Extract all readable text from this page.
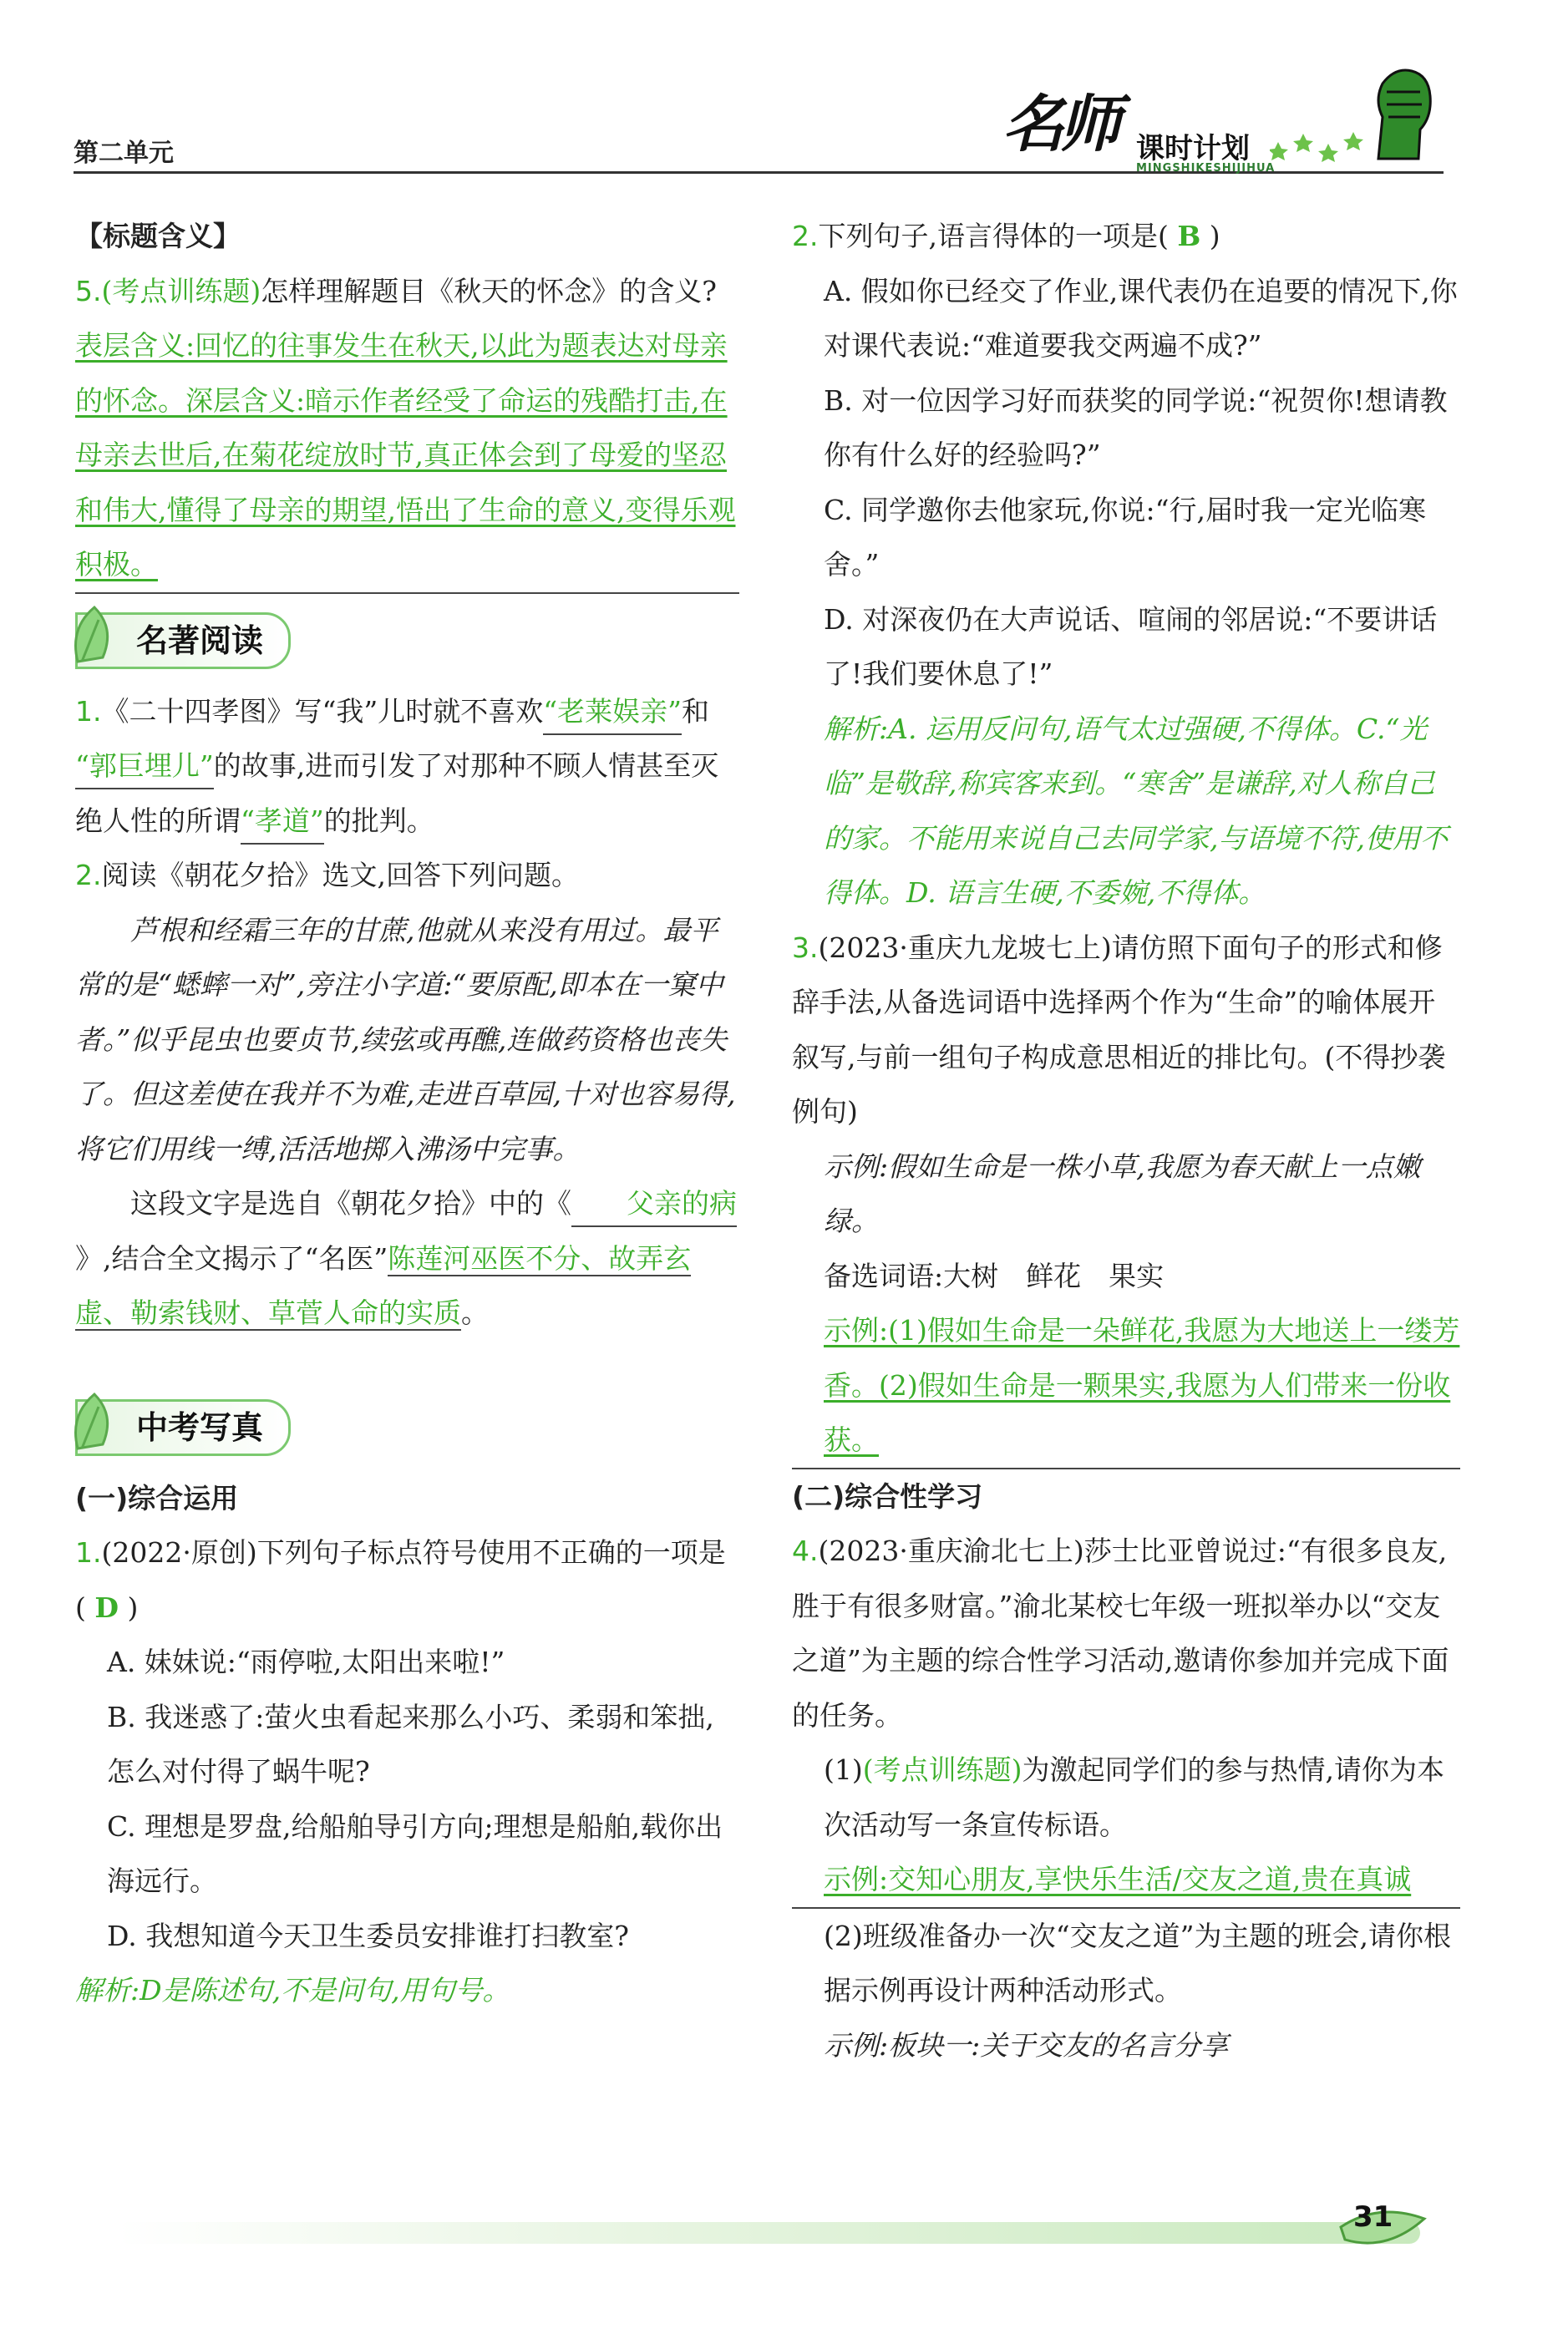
第二单元	名师 课时计划
MINGSHIKESHIJIHUA

【标题含义】

5.(考点训练题)怎样理解题目《秋天的怀念》的含义?

表层含义:回忆的往事发生在秋天,以此为题表达对母亲的怀念。深层含义:暗示作者经受了命运的残酷打击,在母亲去世后,在菊花绽放时节,真正体会到了母爱的坚忍和伟大,懂得了母亲的期望,悟出了生命的意义,变得乐观积极。

名著阅读

1.《二十四孝图》写“我”儿时就不喜欢“老莱娱亲”和“郭巨埋儿”的故事,进而引发了对那种不顾人情甚至灭绝人性的所谓“孝道”的批判。

2.阅读《朝花夕拾》选文,回答下列问题。

芦根和经霜三年的甘蔗,他就从来没有用过。最平常的是“蟋蟀一对”,旁注小字道:“要原配,即本在一窠中者。”似乎昆虫也要贞节,续弦或再醮,连做药资格也丧失了。但这差使在我并不为难,走进百草园,十对也容易得,将它们用线一缚,活活地掷入沸汤中完事。

这段文字是选自《朝花夕拾》中的《 父亲的病》,结合全文揭示了“名医”陈莲河巫医不分、故弄玄虚、勒索钱财、草菅人命的实质。

中考写真

(一)综合运用

1.(2022·原创)下列句子标点符号使用不正确的一项是( D )

A. 妹妹说:“雨停啦,太阳出来啦!”

B. 我迷惑了:萤火虫看起来那么小巧、柔弱和笨拙,怎么对付得了蜗牛呢?

C. 理想是罗盘,给船舶导引方向;理想是船舶,载你出海远行。

D. 我想知道今天卫生委员安排谁打扫教室?

解析:D是陈述句,不是问句,用句号。

2.下列句子,语言得体的一项是( B )

A. 假如你已经交了作业,课代表仍在追要的情况下,你对课代表说:“难道要我交两遍不成?”

B. 对一位因学习好而获奖的同学说:“祝贺你!想请教你有什么好的经验吗?”

C. 同学邀你去他家玩,你说:“行,届时我一定光临寒舍。”

D. 对深夜仍在大声说话、喧闹的邻居说:“不要讲话了!我们要休息了!”

解析:A. 运用反问句,语气太过强硬,不得体。C.“光临”是敬辞,称宾客来到。“寒舍”是谦辞,对人称自己的家。不能用来说自己去同学家,与语境不符,使用不得体。D. 语言生硬,不委婉,不得体。

3.(2023·重庆九龙坡七上)请仿照下面句子的形式和修辞手法,从备选词语中选择两个作为“生命”的喻体展开叙写,与前一组句子构成意思相近的排比句。(不得抄袭例句)

示例:假如生命是一株小草,我愿为春天献上一点嫩绿。

备选词语:大树　鲜花　果实

示例:(1)假如生命是一朵鲜花,我愿为大地送上一缕芳香。(2)假如生命是一颗果实,我愿为人们带来一份收获。

(二)综合性学习

4.(2023·重庆渝北七上)莎士比亚曾说过:“有很多良友,胜于有很多财富。”渝北某校七年级一班拟举办以“交友之道”为主题的综合性学习活动,邀请你参加并完成下面的任务。

(1)(考点训练题)为激起同学们的参与热情,请你为本次活动写一条宣传标语。

示例:交知心朋友,享快乐生活/交友之道,贵在真诚

(2)班级准备办一次“交友之道”为主题的班会,请你根据示例再设计两种活动形式。

示例:板块一:关于交友的名言分享

31
